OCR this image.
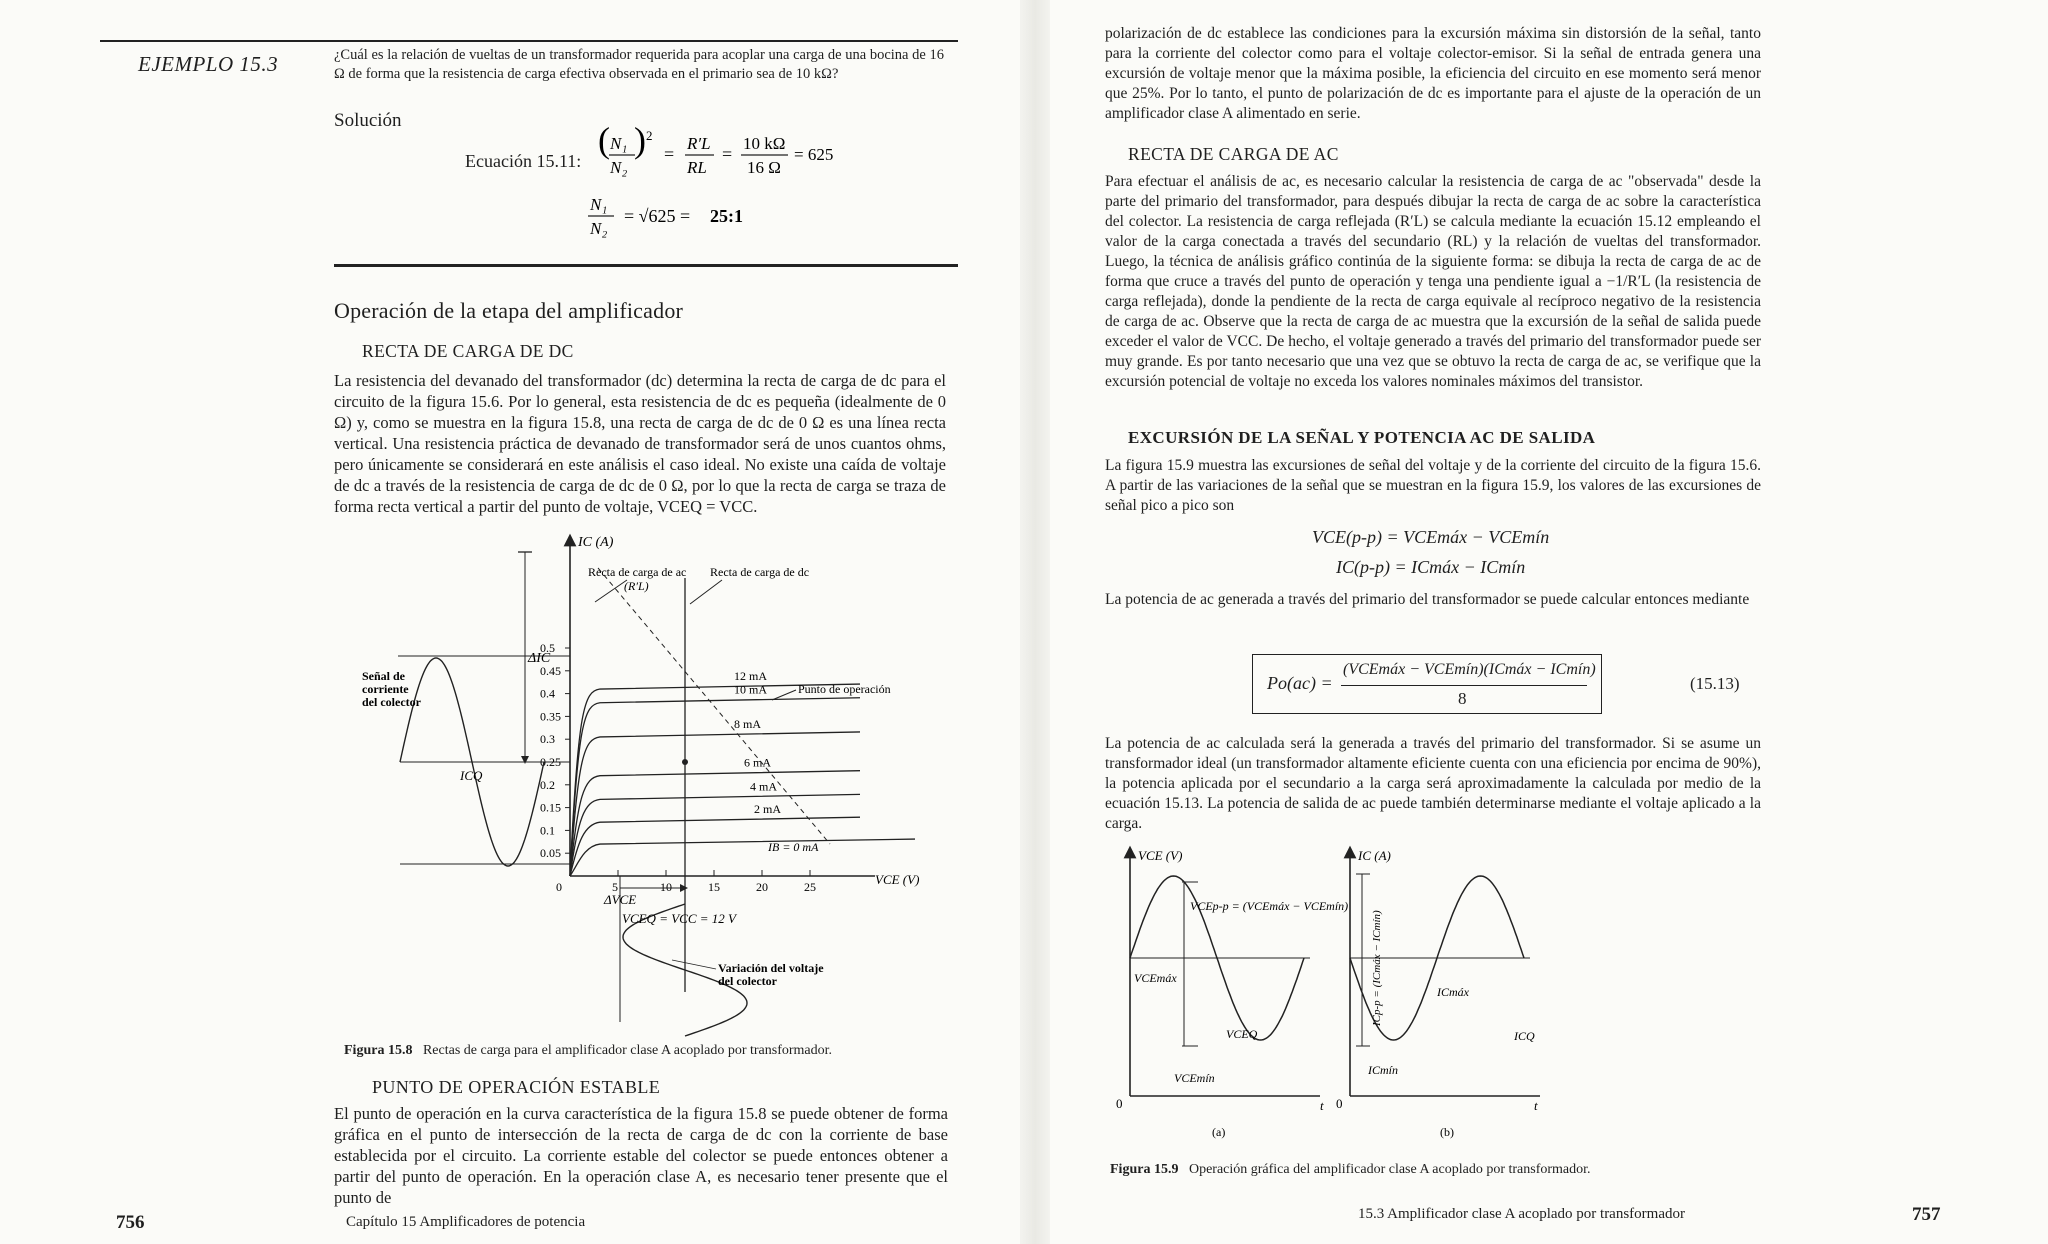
EJEMPLO 15.3	¿Cuál es la relación de vueltas de un transformador requerida para acoplar una carga de una bocina de 16 Ω de forma que la resistencia de carga efectiva observada en el primario sea de 10 kΩ?

Solución
Ecuación 15.11:
( N₁
N₂
) 2
=
R′L
RL
=
10 kΩ
16 Ω
= 625
N₁
N₂
= √625 = 25:1
Operación de la etapa del amplificador
RECTA DE CARGA DE DC

La resistencia del devanado del transformador (dc) determina la recta de carga de dc para el circuito de la figura 15.6. Por lo general, esta resistencia de dc es pequeña (idealmente de 0 Ω) y, como se muestra en la figura 15.8, una recta de carga de dc de 0 Ω es una línea recta vertical. Una resistencia práctica de devanado de transformador será de unos cuantos ohms, pero únicamente se considerará en este análisis el caso ideal. No existe una caída de voltaje de dc a través de la resistencia de carga de dc de 0 Ω, por lo que la recta de carga se traza de forma recta vertical a partir del punto de voltaje, VCEQ = VCC.

IC (A)
VCE (V)
0.5
0.45
0.4
0.35
0.3
0.25
0.2
0.15
0.1
0.05
0	5	10	15	20	25
12 mA
10 mA
8 mA
6 mA
4 mA
2 mA
IB = 0 mA
Recta de carga de ac
(R′L)
Recta de carga de dc
Punto de operación
ΔIC
ICQ
Señal de corriente del colector
ΔVCE
VCEQ = VCC = 12 V
Variación del voltaje del colector
Figura 15.8 Rectas de carga para el amplificador clase A acoplado por transformador.
PUNTO DE OPERACIÓN ESTABLE

El punto de operación en la curva característica de la figura 15.8 se puede obtener de forma gráfica en el punto de intersección de la recta de carga de dc con la corriente de base establecida por el circuito. La corriente estable del colector se puede entonces obtener a partir del punto de operación. En la operación clase A, es necesario tener presente que el punto de

756	Capítulo 15 Amplificadores de potencia

polarización de dc establece las condiciones para la excursión máxima sin distorsión de la señal, tanto para la corriente del colector como para el voltaje colector-emisor. Si la señal de entrada genera una excursión de voltaje menor que la máxima posible, la eficiencia del circuito en ese momento será menor que 25%. Por lo tanto, el punto de polarización de dc es importante para el ajuste de la operación de un amplificador clase A alimentado en serie.

RECTA DE CARGA DE AC

Para efectuar el análisis de ac, es necesario calcular la resistencia de carga de ac "observada" desde la parte del primario del transformador, para después dibujar la recta de carga de ac sobre la característica del colector. La resistencia de carga reflejada (R′L) se calcula mediante la ecuación 15.12 empleando el valor de la carga conectada a través del secundario (RL) y la relación de vueltas del transformador. Luego, la técnica de análisis gráfico continúa de la siguiente forma: se dibuja la recta de carga de ac de forma que cruce a través del punto de operación y tenga una pendiente igual a −1/R′L (la resistencia de carga reflejada), donde la pendiente de la recta de carga equivale al recíproco negativo de la resistencia de carga de ac. Observe que la recta de carga de ac muestra que la excursión de la señal de salida puede exceder el valor de VCC. De hecho, el voltaje generado a través del primario del transformador puede ser muy grande. Es por tanto necesario que una vez que se obtuvo la recta de carga de ac, se verifique que la excursión potencial de voltaje no exceda los valores nominales máximos del transistor.

EXCURSIÓN DE LA SEÑAL Y POTENCIA AC DE SALIDA

La figura 15.9 muestra las excursiones de señal del voltaje y de la corriente del circuito de la figura 15.6. A partir de las variaciones de la señal que se muestran en la figura 15.9, los valores de las excursiones de señal pico a pico son

VCE(p-p) = VCEmáx − VCEmín
IC(p-p) = ICmáx − ICmín

La potencia de ac generada a través del primario del transformador se puede calcular entonces mediante

Po(ac) =
(VCEmáx − VCEmín)(ICmáx − ICmín)
8
(15.13)

La potencia de ac calculada será la generada a través del primario del transformador. Si se asume un transformador ideal (un transformador altamente eficiente cuenta con una eficiencia por encima de 90%), la potencia aplicada por el secundario a la carga será aproximadamente la calculada por medio de la ecuación 15.13. La potencia de salida de ac puede también determinarse mediante el voltaje aplicado a la carga.

VCE (V)
0	t
VCEp-p = (VCEmáx − VCEmín)
VCEmáx
VCEQ
VCEmín
(a)
IC (A)
0	t
ICp-p = (ICmáx − ICmín)	ICmáx
ICQ
ICmín
(b)
Figura 15.9 Operación gráfica del amplificador clase A acoplado por transformador.
15.3 Amplificador clase A acoplado por transformador	757
